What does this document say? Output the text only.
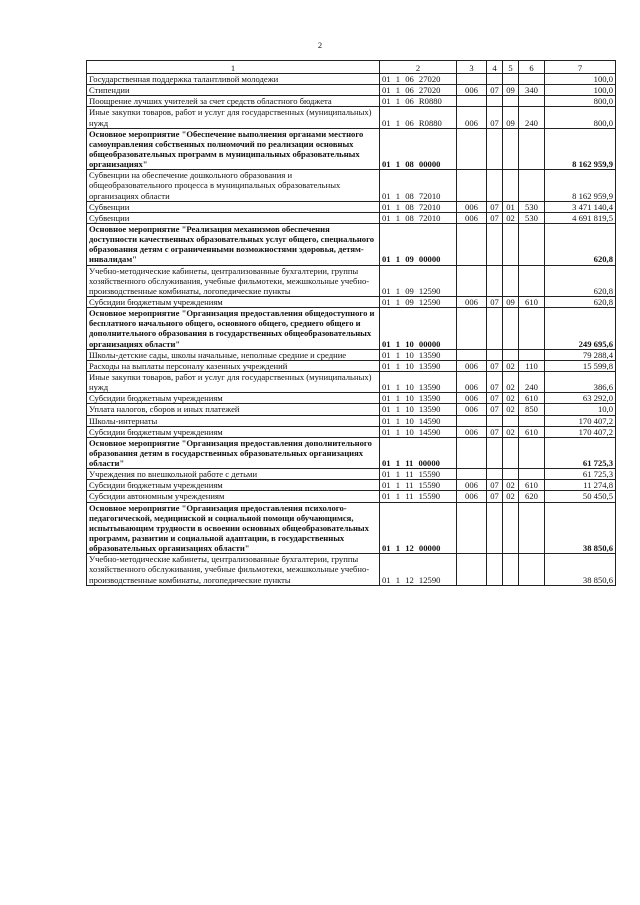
2
1	2	3	4	5	6	7
Государственная поддержка талантливой молодежи	01 1 06 27020					100,0
Стипендии	01 1 06 27020	006	07	09	340	100,0
Поощрение лучших учителей за счет средств областного бюджета	01 1 06 R0880					800,0
Иные закупки товаров, работ и услуг для государственных (муниципальных) нужд	01 1 06 R0880	006	07	09	240	800,0
Основное мероприятие "Обеспечение выполнения органами местного самоуправления собственных полномочий по реализации основных общеобразовательных программ в муниципальных образовательных организациях"	01 1 08 00000					8 162 959,9
Субвенции на обеспечение дошкольного образования и общеобразовательного процесса в муниципальных образовательных организациях области	01 1 08 72010					8 162 959,9
Субвенции	01 1 08 72010	006	07	01	530	3 471 140,4
Субвенции	01 1 08 72010	006	07	02	530	4 691 819,5
Основное мероприятие "Реализация механизмов обеспечения доступности качественных образовательных услуг общего, специального образования детям с ограниченными возможностями здоровья, детям-инвалидам"	01 1 09 00000					620,8
Учебно-методические кабинеты, централизованные бухгалтерии, группы хозяйственного обслуживания, учебные фильмотеки, межшкольные учебно-производственные комбинаты, логопедические пункты	01 1 09 12590					620,8
Субсидии бюджетным учреждениям	01 1 09 12590	006	07	09	610	620,8
Основное мероприятие "Организация предоставления общедоступного и бесплатного начального общего, основного общего, среднего общего и дополнительного образования в государственных общеобразовательных организациях области"	01 1 10 00000					249 695,6
Школы-детские сады, школы начальные, неполные средние и средние	01 1 10 13590					79 288,4
Расходы на выплаты персоналу казенных учреждений	01 1 10 13590	006	07	02	110	15 599,8
Иные закупки товаров, работ и услуг для государственных (муниципальных) нужд	01 1 10 13590	006	07	02	240	386,6
Субсидии бюджетным учреждениям	01 1 10 13590	006	07	02	610	63 292,0
Уплата налогов, сборов и иных платежей	01 1 10 13590	006	07	02	850	10,0
Школы-интернаты	01 1 10 14590					170 407,2
Субсидии бюджетным учреждениям	01 1 10 14590	006	07	02	610	170 407,2
Основное мероприятие "Организация предоставления дополнительного образования детям в государственных образовательных организациях области"	01 1 11 00000					61 725,3
Учреждения по внешкольной работе с детьми	01 1 11 15590					61 725,3
Субсидии бюджетным учреждениям	01 1 11 15590	006	07	02	610	11 274,8
Субсидии автономным учреждениям	01 1 11 15590	006	07	02	620	50 450,5
Основное мероприятие "Организация предоставления психолого-педагогической, медицинской и социальной помощи обучающимся, испытывающим трудности в освоении основных общеобразовательных программ, развитии и социальной адаптации, в государственных образовательных организациях области"	01 1 12 00000					38 850,6
Учебно-методические кабинеты, централизованные бухгалтерии, группы хозяйственного обслуживания, учебные фильмотеки, межшкольные учебно-производственные комбинаты, логопедические пункты	01 1 12 12590					38 850,6
